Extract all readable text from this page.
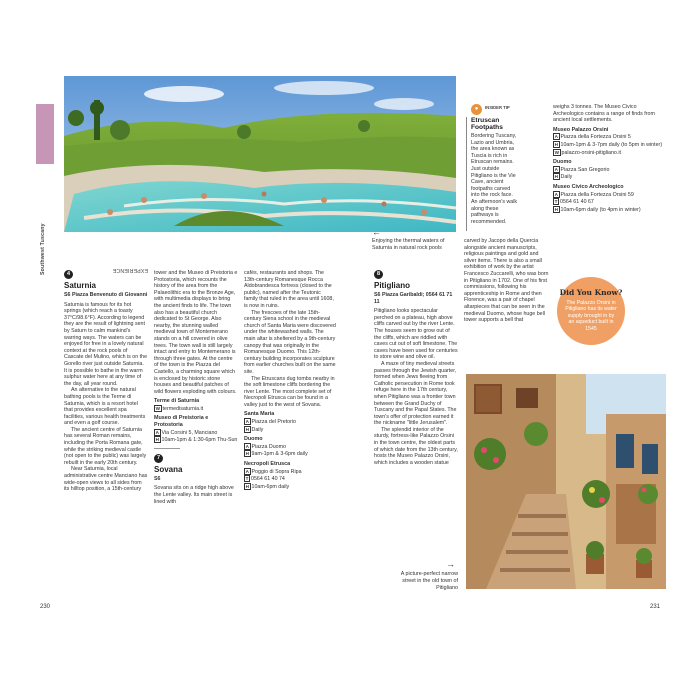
EXPERIENCE
Southwest Tuscany	←
Enjoying the thermal waters of Saturnia in natural rock pools
4
Saturnia
S6 Piazza Benvenuto di Giovanni

Saturnia is famous for its hot springs (which reach a toasty 37°C/98.6°F). According to legend they are the result of lightning sent by Saturn to calm mankind's warring ways. The waters can be enjoyed for free in a lovely natural context at the rock pools of Cascate del Mulino, which is on the Gorello river just outside Saturnia. It is possible to bathe in the warm sulphur water here at any time of the day, all year round.

An alternative to the natural bathing pools is the Terme di Saturnia, which is a resort hotel that provides excellent spa facilities, various health treatments and even a golf course.

The ancient centre of Saturnia has several Roman remains, including the Porta Romana gate, while the striking medieval castle (not open to the public) was largely rebuilt in the early 20th century.

Near Saturnia, local administrative centre Manciano has wide-open views to all sides from its hilltop position, a 15th-century

tower and the Museo di Preistoria e Protostoria, which recounts the history of the area from the Palaeolithic era to the Bronze Age, with multimedia displays to bring the ancient finds to life. The town also has a beautiful church dedicated to St George. Also nearby, the stunning walled medieval town of Montemerano stands on a hill covered in olive trees. The town wall is still largely intact and entry to Montemerano is through three gates. At the centre of the town is the Piazza del Castello, a charming square which is enclosed by historic stone houses and beautiful patches of wild flowers exploding with colours.

Terme di Saturnia
W termedisaturnia.it
Museo di Preistoria e Protostoria
A Via Corsini 5, Manciano
H 10am-1pm & 1:30-6pm Thu-Sun
7
Sovana
S6

Sovana sits on a ridge high above the Lente valley. Its main street is lined with

cafés, restaurants and shops. The 13th-century Romanesque Rocca Aldobrandesca fortress (closed to the public), named after the Teutonic family that ruled in the area until 1608, is now in ruins.

The frescoes of the late 15th-century Siena school in the medieval church of Santa Maria were discovered under the whitewashed walls. The main altar is sheltered by a 9th-century canopy that was originally in the Romanesque Duomo. This 12th-century building incorporates sculpture from earlier churches built on the same site.

The Etruscans dug tombs nearby in the soft limestone cliffs bordering the river Lente. The most complete set of Necropoli Etrusca can be found in a valley just to the west of Sovana.

Santa Maria
A Piazza del Pretorio
H Daily
Duomo
A Piazza Duomo
H 9am-1pm & 3-6pm daily
Necropoli Etrusca
A Poggio di Sopra Ripa
T 0564 61 40 74
H 10am-6pm daily
●	INSIDER TIP
Etruscan Footpaths
Bordering Tuscany, Lazio and Umbria, the area known as Tuscia is rich in Etruscan remains. Just outside Pitigliano is the Vie Cave, ancient footpaths carved into the rock face. An afternoon's walk along these pathways is recommended.
8
Pitigliano
S6 Piazza Garibaldi; 0564 61 71 11

Pitigliano looks spectacular perched on a plateau, high above cliffs carved out by the river Lente. The houses seem to grow out of the cliffs, which are riddled with caves cut out of soft limestone. The caves have been used for centuries to store wine and olive oil.

A maze of tiny medieval streets passes through the Jewish quarter, formed when Jews fleeing from Catholic persecution in Rome took refuge here in the 17th century, when Pitigliano was a frontier town between the Grand Duchy of Tuscany and the Papal States. The town's offer of protection earned it the nickname "little Jerusalem".

The splendid interior of the sturdy, fortress-like Palazzo Orsini in the town centre, the oldest parts of which date from the 13th century, hosts the Museo Palazzo Orsini, which includes a wooden statue

carved by Jacopo della Quercia alongside ancient manuscripts, religious paintings and gold and silver items. There is also a small exhibition of work by the artist Francesco Zuccarelli, who was born in Pitigliano in 1702. One of his first commissions, following his apprenticeship in Rome and then Florence, was a pair of chapel altarpieces that can be seen in the medieval Duomo, whose huge bell tower supports a bell that

weighs 3 tonnes. The Museo Civico Archeologico contains a range of finds from ancient local settlements.

Museo Palazzo Orsini
A Piazza della Fortezza Orsini 5
H 10am-1pm & 3-7pm daily (to 5pm in winter)
W palazzo-orsini-pitigliano.it
Duomo
A Piazza San Gregorio
H Daily
Museo Civico Archeologico
A Piazza della Fortezza Orsini 59
T 0564 61 40 67
H 10am-6pm daily (to 4pm in winter)
Did You Know?
The Palazzo Orsini in Pitigliano has its water supply brought in by an aqueduct built in 1545
→
A picture-perfect narrow street in the old town of Pitigliano
230	231
